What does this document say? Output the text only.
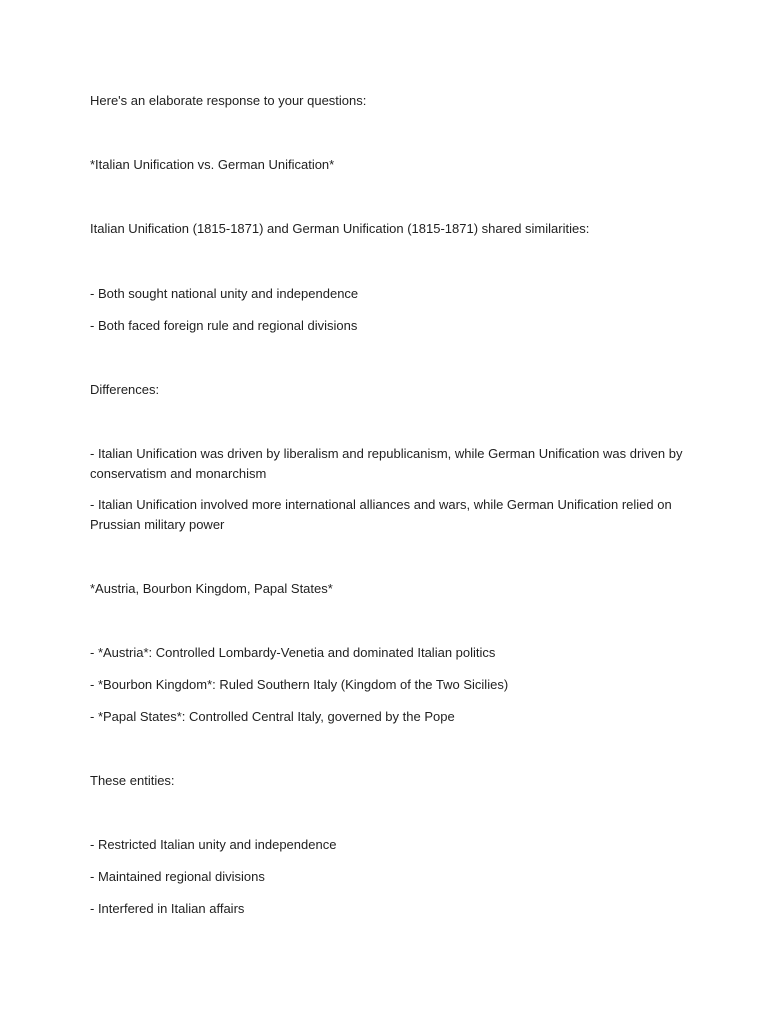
Here's an elaborate response to your questions:
*Italian Unification vs. German Unification*
Italian Unification (1815-1871) and German Unification (1815-1871) shared similarities:
- Both sought national unity and independence
- Both faced foreign rule and regional divisions
Differences:
- Italian Unification was driven by liberalism and republicanism, while German Unification was driven by conservatism and monarchism
- Italian Unification involved more international alliances and wars, while German Unification relied on Prussian military power
*Austria, Bourbon Kingdom, Papal States*
- *Austria*: Controlled Lombardy-Venetia and dominated Italian politics
- *Bourbon Kingdom*: Ruled Southern Italy (Kingdom of the Two Sicilies)
- *Papal States*: Controlled Central Italy, governed by the Pope
These entities:
- Restricted Italian unity and independence
- Maintained regional divisions
- Interfered in Italian affairs
